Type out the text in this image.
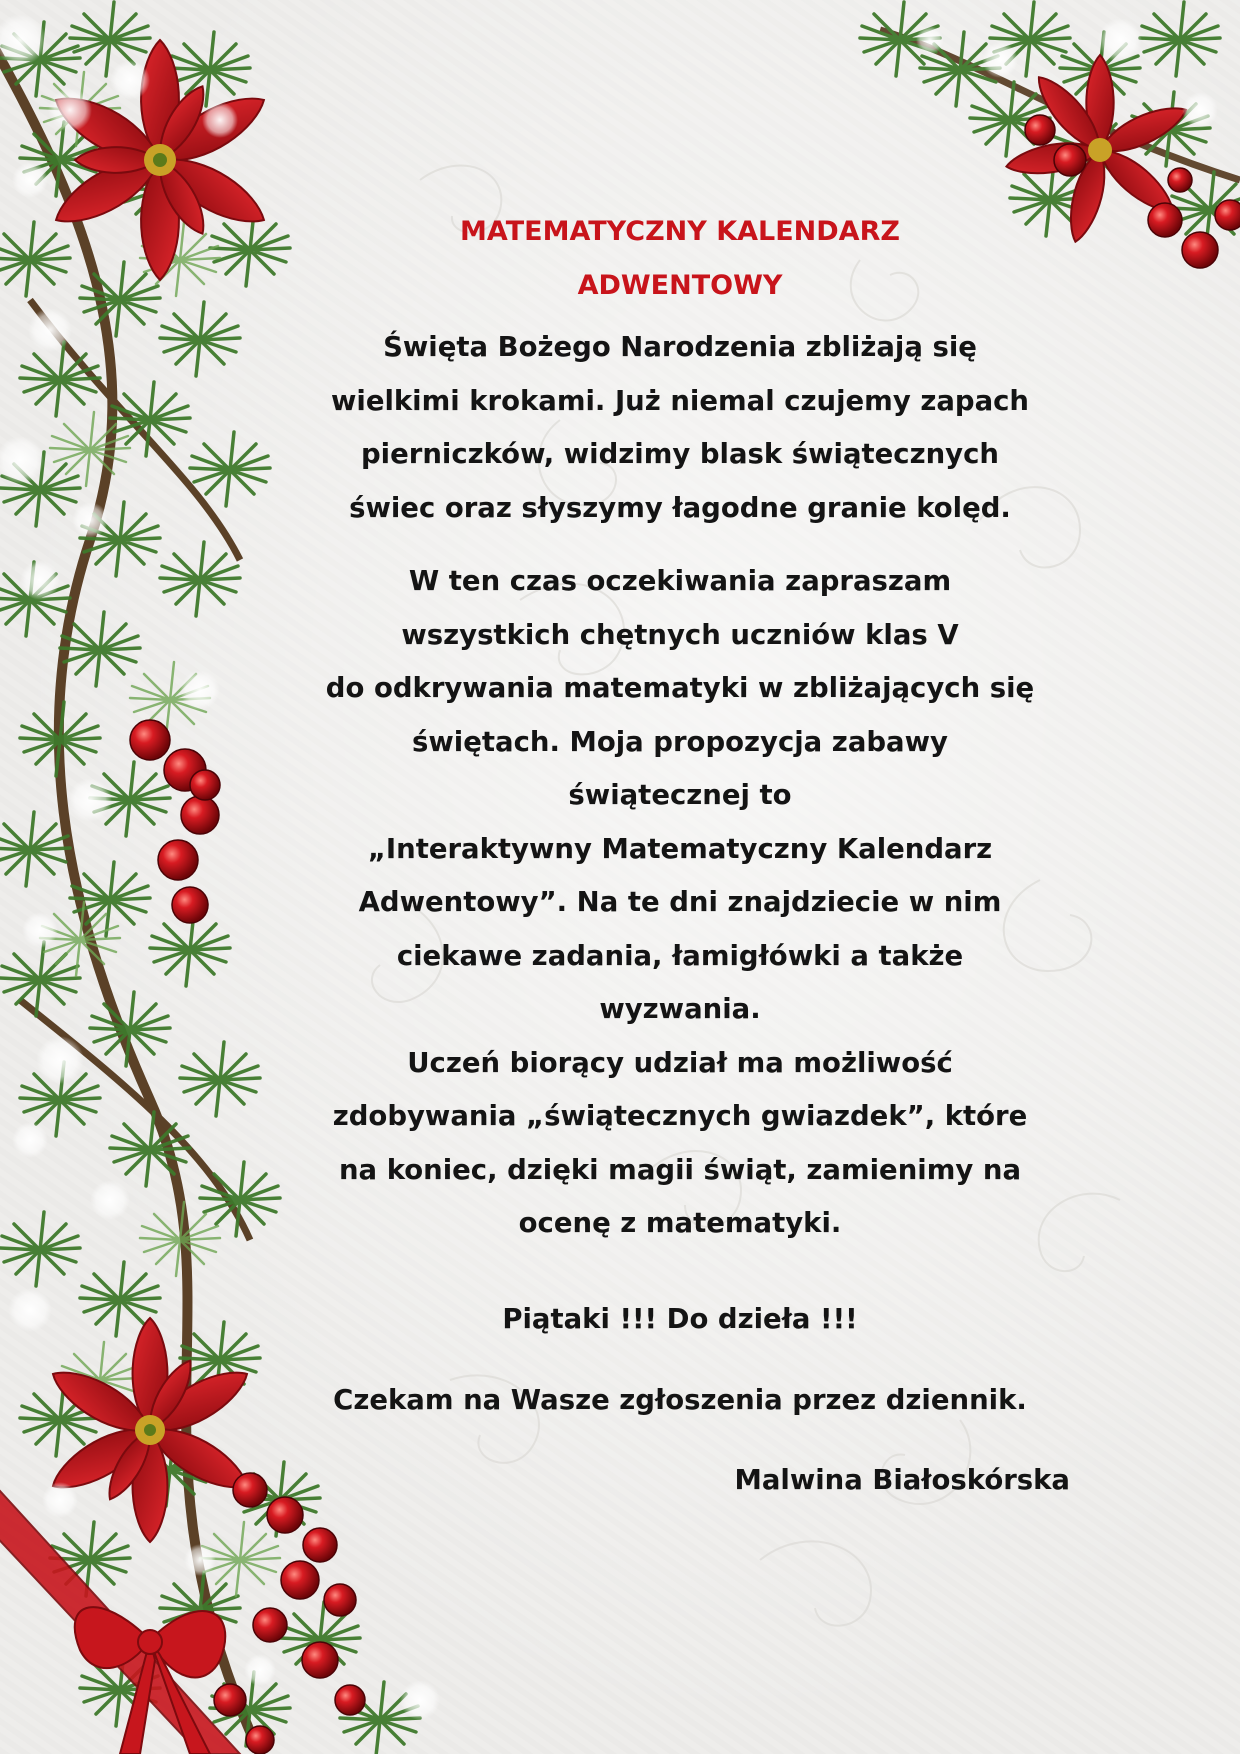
MATEMATYCZNY KALENDARZ
ADWENTOWY

Święta Bożego Narodzenia zbliżają się
wielkimi krokami. Już niemal czujemy zapach
pierniczków, widzimy blask świątecznych
świec oraz słyszymy łagodne granie kolęd.

W ten czas oczekiwania zapraszam
wszystkich chętnych uczniów klas V
do odkrywania matematyki w zbliżających się
świętach. Moja propozycja zabawy
świątecznej to
„Interaktywny Matematyczny Kalendarz
Adwentowy”. Na te dni znajdziecie w nim
ciekawe zadania, łamigłówki a także
wyzwania.
Uczeń biorący udział ma możliwość
zdobywania „świątecznych gwiazdek”, które
na koniec, dzięki magii świąt, zamienimy na
ocenę z matematyki.

Piątaki !!! Do dzieła !!!

Czekam na Wasze zgłoszenia przez dziennik.

Malwina Białoskórska
